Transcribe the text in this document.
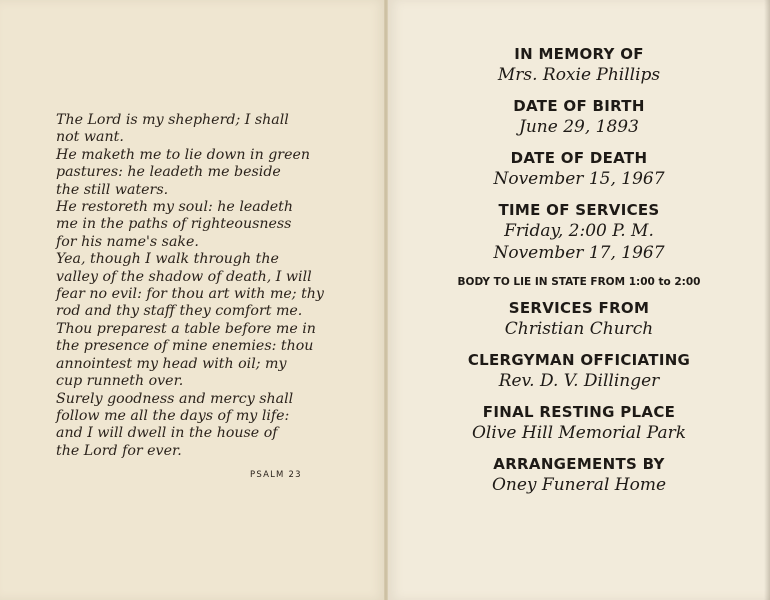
The Lord is my shepherd; I shall
not want.
He maketh me to lie down in green
pastures: he leadeth me beside
the still waters.
He restoreth my soul: he leadeth
me in the paths of righteousness
for his name's sake.
Yea, though I walk through the
valley of the shadow of death, I will
fear no evil: for thou art with me; thy
rod and thy staff they comfort me.
Thou preparest a table before me in
the presence of mine enemies: thou
annointest my head with oil; my
cup runneth over.
Surely goodness and mercy shall
follow me all the days of my life:
and I will dwell in the house of
the Lord for ever.
PSALM 23
IN MEMORY OF
Mrs. Roxie Phillips
DATE OF BIRTH
June 29, 1893
DATE OF DEATH
November 15, 1967
TIME OF SERVICES
Friday, 2:00 P. M.
November 17, 1967
BODY TO LIE IN STATE FROM 1:00 to 2:00
SERVICES FROM
Christian Church
CLERGYMAN OFFICIATING
Rev. D. V. Dillinger
FINAL RESTING PLACE
Olive Hill Memorial Park
ARRANGEMENTS BY
Oney Funeral Home
